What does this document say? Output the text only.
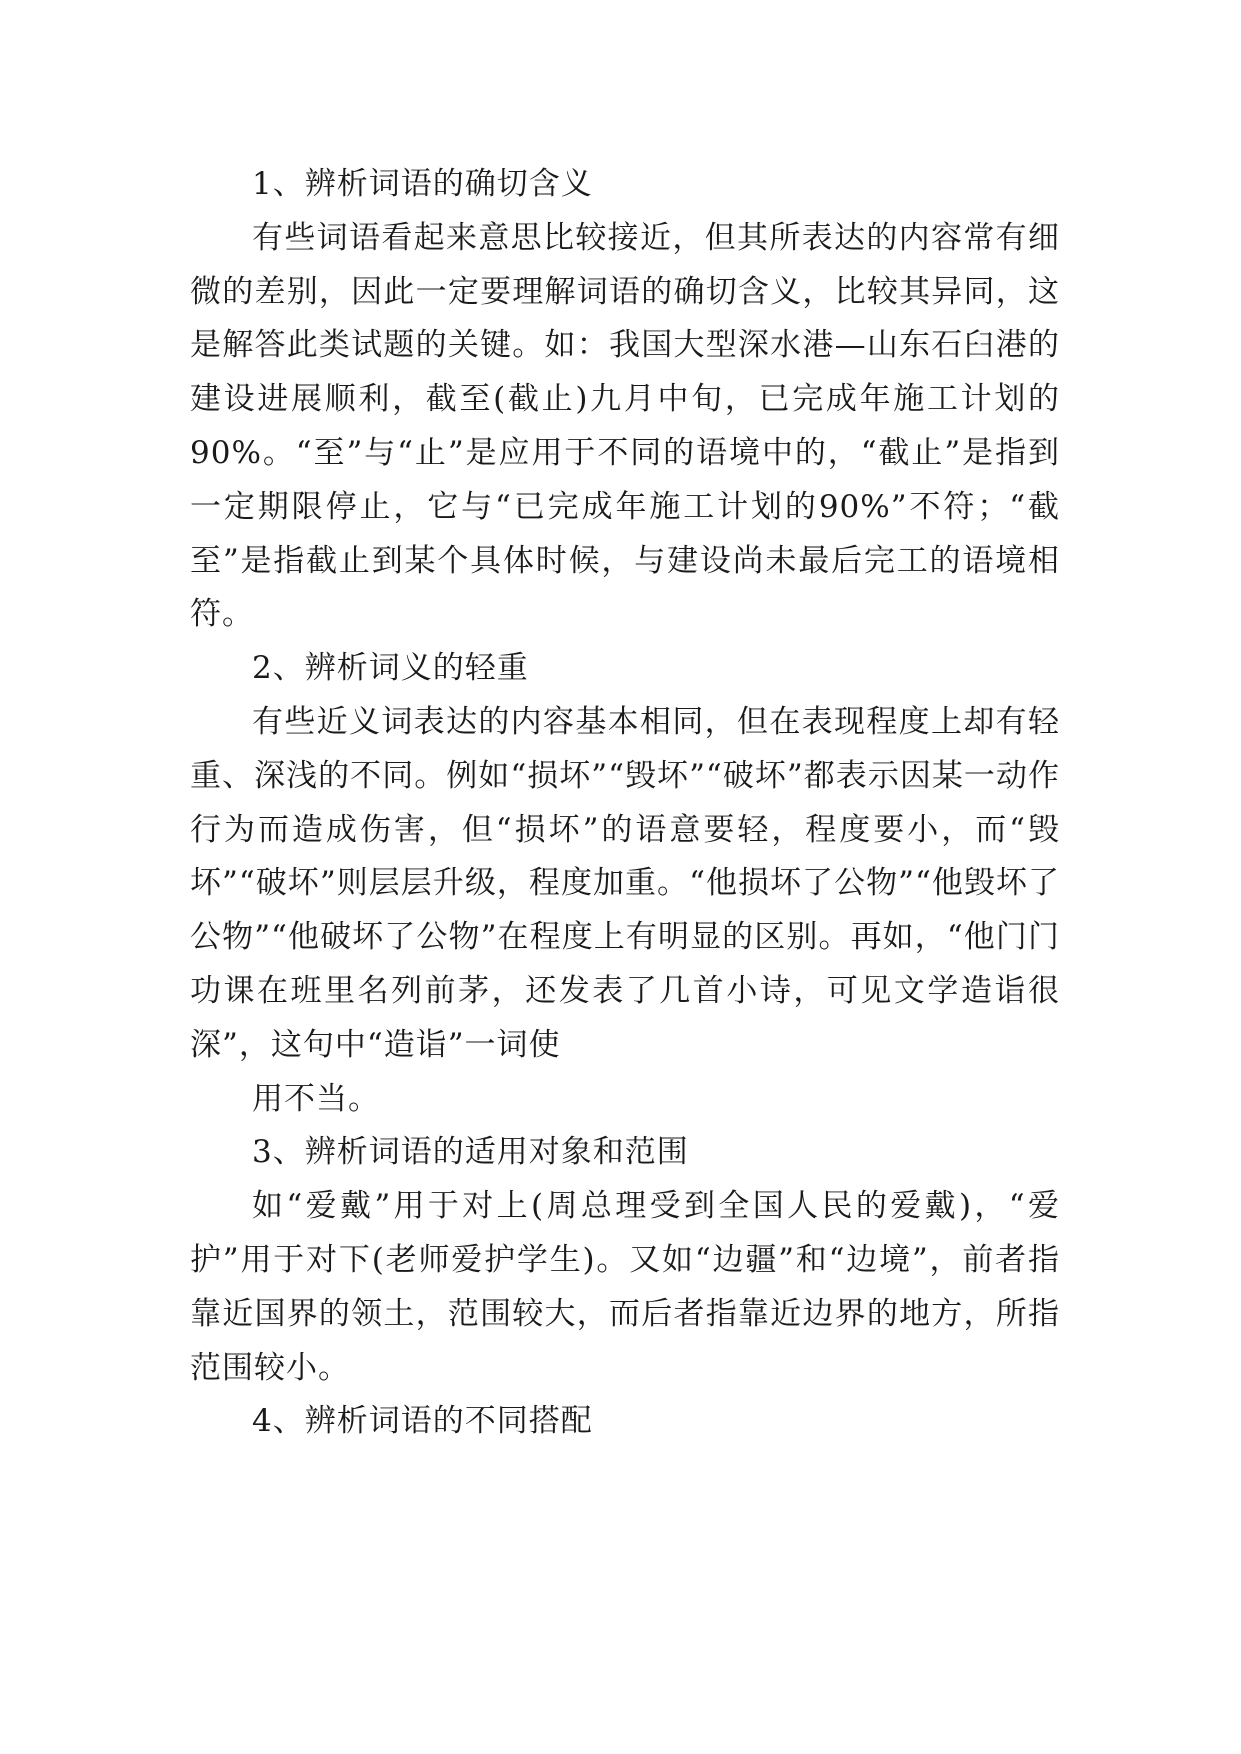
1、辨析词语的确切含义

有些词语看起来意思比较接近，但其所表达的内容常有细微的差别，因此一定要理解词语的确切含义，比较其异同，这是解答此类试题的关键。如：我国大型深水港—山东石臼港的建设进展顺利，截至(截止)九月中旬，已完成年施工计划的90%。“至”与“止”是应用于不同的语境中的，“截止”是指到一定期限停止，它与“已完成年施工计划的90%”不符；“截至”是指截止到某个具体时候，与建设尚未最后完工的语境相符。

2、辨析词义的轻重

有些近义词表达的内容基本相同，但在表现程度上却有轻重、深浅的不同。例如“损坏”“毁坏”“破坏”都表示因某一动作行为而造成伤害，但“损坏”的语意要轻，程度要小，而“毁坏”“破坏”则层层升级，程度加重。“他损坏了公物”“他毁坏了公物”“他破坏了公物”在程度上有明显的区别。再如，“他门门功课在班里名列前茅，还发表了几首小诗，可见文学造诣很深”，这句中“造诣”一词使

用不当。

3、辨析词语的适用对象和范围

如“爱戴”用于对上(周总理受到全国人民的爱戴)，“爱护”用于对下(老师爱护学生)。又如“边疆”和“边境”，前者指靠近国界的领土，范围较大，而后者指靠近边界的地方，所指范围较小。

4、辨析词语的不同搭配
